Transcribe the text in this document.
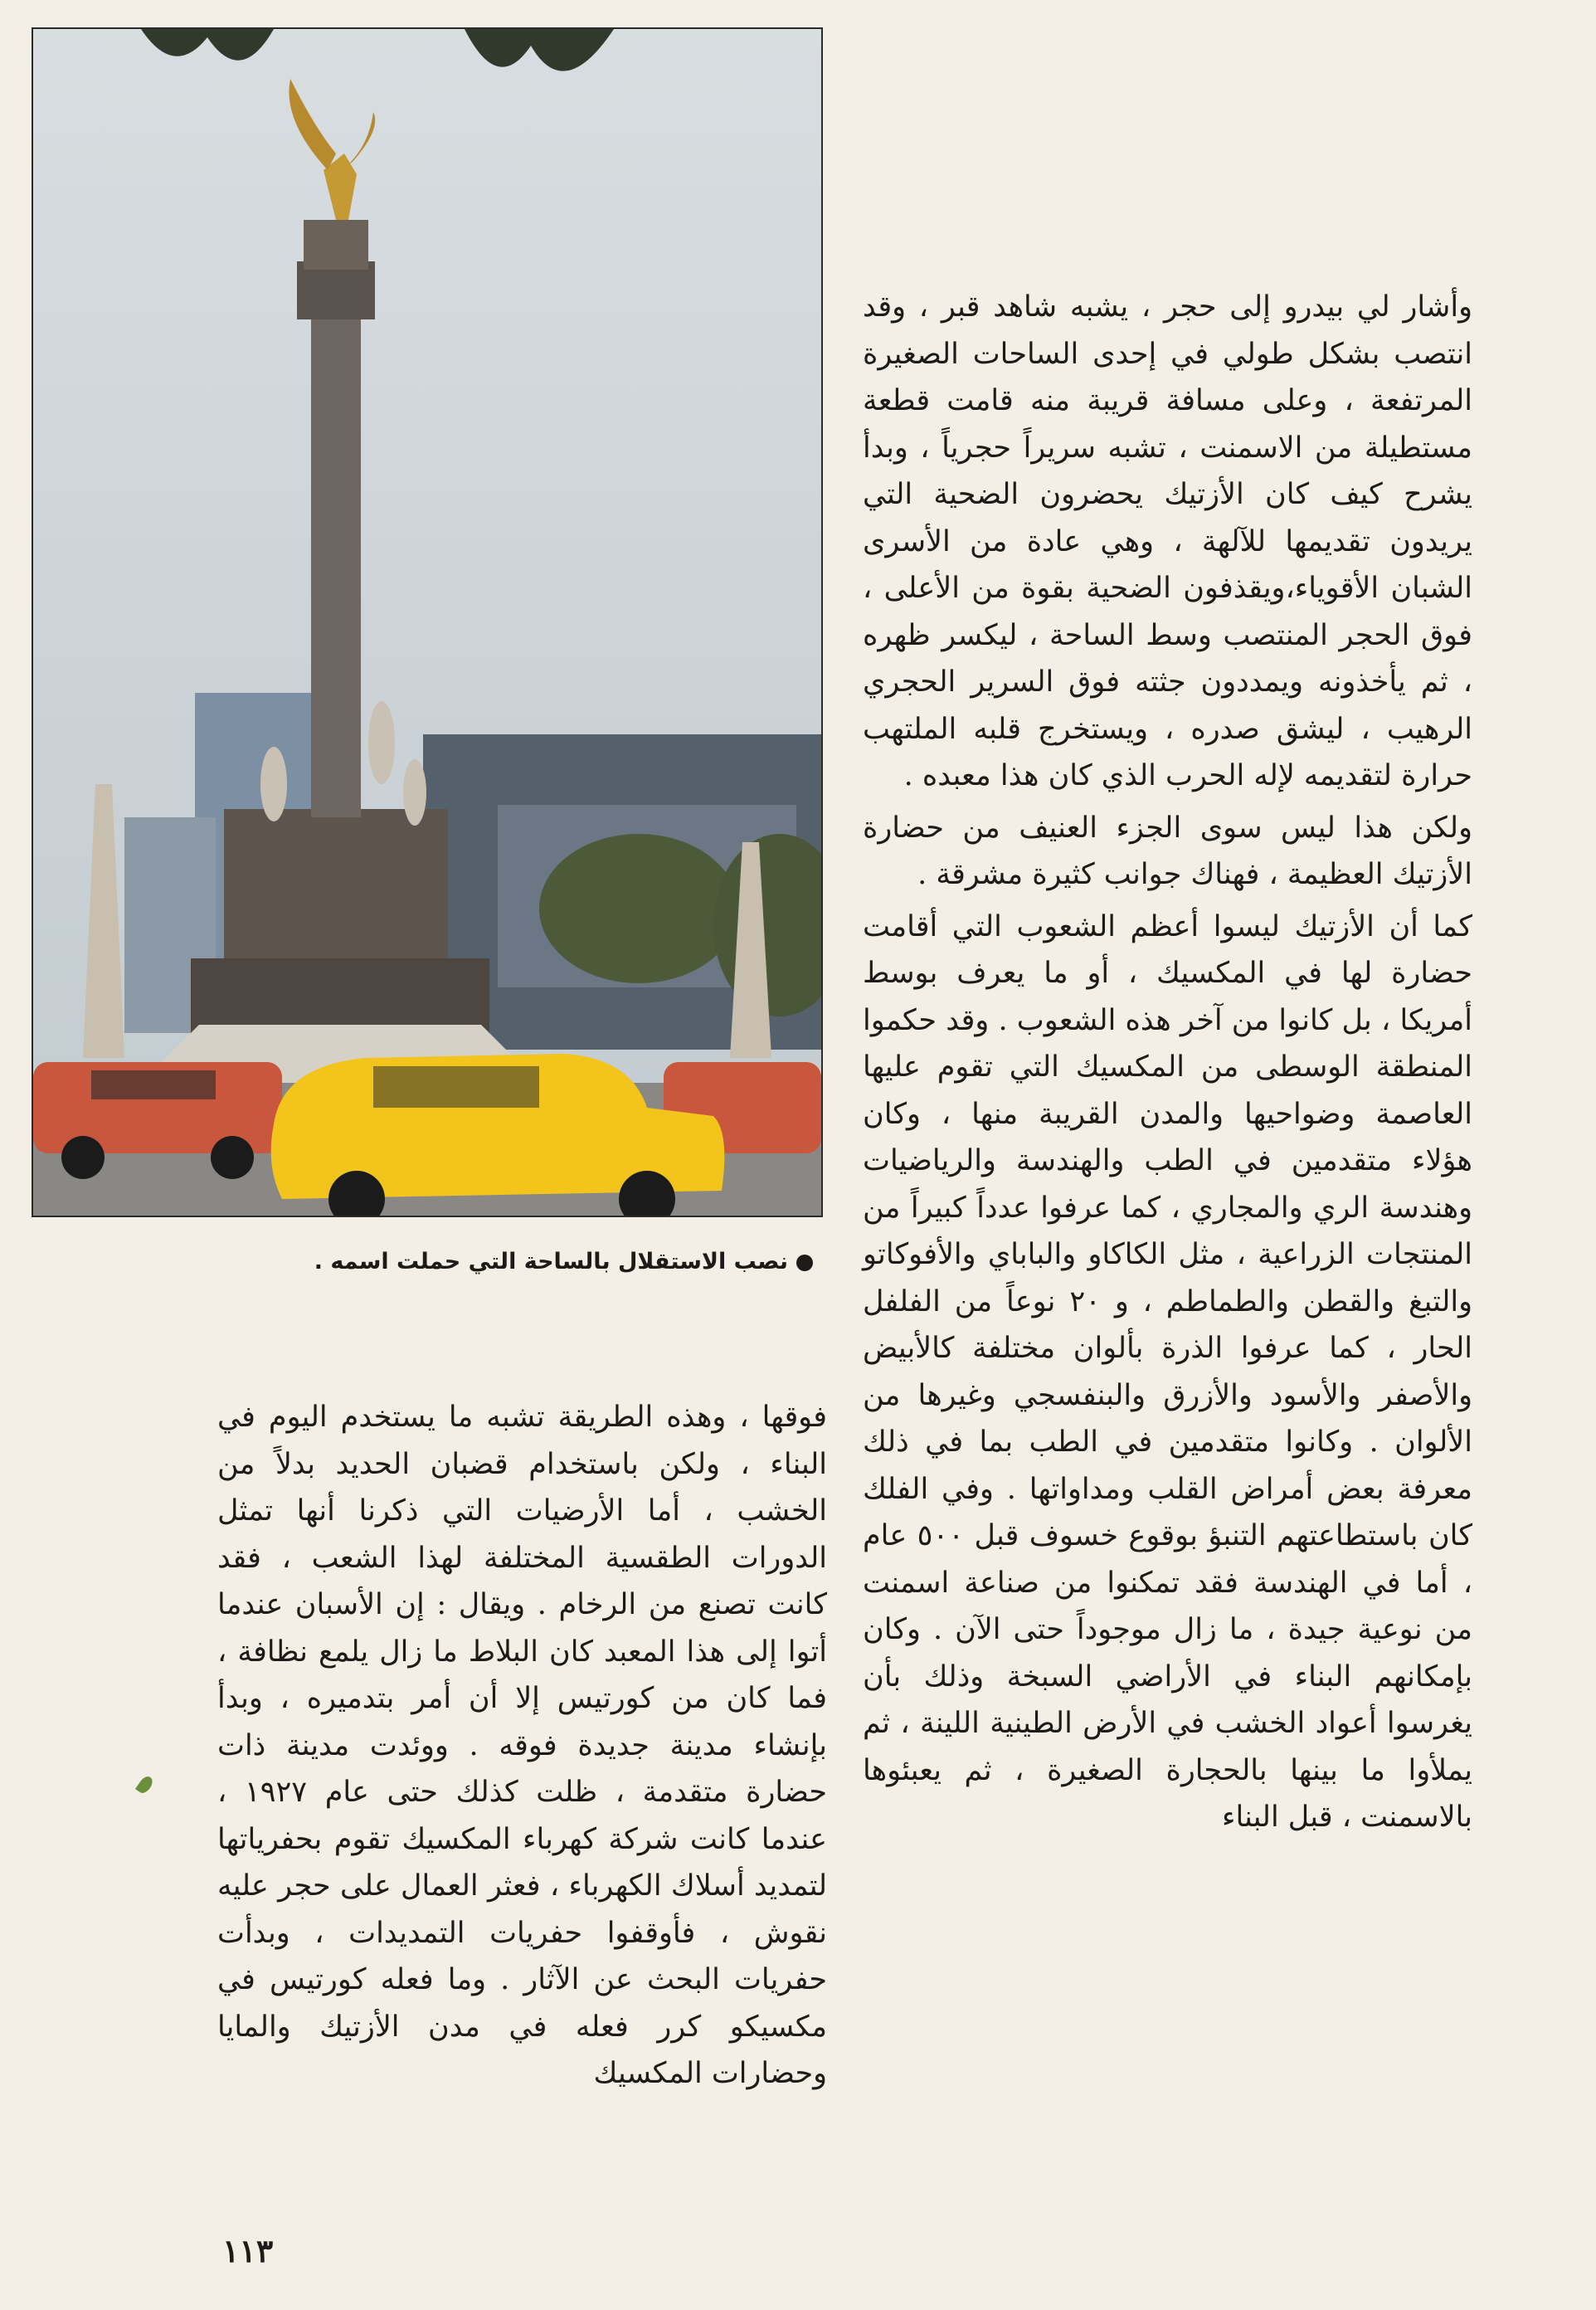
نصب الاستقلال بالساحة التي حملت اسمه .

وأشار لي بيدرو إلى حجر ، يشبه شاهد قبر ، وقد انتصب بشكل طولي في إحدى الساحات الصغيرة المرتفعة ، وعلى مسافة قريبة منه قامت قطعة مستطيلة من الاسمنت ، تشبه سريراً حجرياً ، وبدأ يشرح كيف كان الأزتيك يحضرون الضحية التي يريدون تقديمها للآلهة ، وهي عادة من الأسرى الشبان الأقوياء،ويقذفون الضحية بقوة من الأعلى ، فوق الحجر المنتصب وسط الساحة ، ليكسر ظهره ، ثم يأخذونه ويمددون جثته فوق السرير الحجري الرهيب ، ليشق صدره ، ويستخرج قلبه الملتهب حرارة لتقديمه لإله الحرب الذي كان هذا معبده .

ولكن هذا ليس سوى الجزء العنيف من حضارة الأزتيك العظيمة ، فهناك جوانب كثيرة مشرقة .

كما أن الأزتيك ليسوا أعظم الشعوب التي أقامت حضارة لها في المكسيك ، أو ما يعرف بوسط أمريكا ، بل كانوا من آخر هذه الشعوب . وقد حكموا المنطقة الوسطى من المكسيك التي تقوم عليها العاصمة وضواحيها والمدن القريبة منها ، وكان هؤلاء متقدمين في الطب والهندسة والرياضيات وهندسة الري والمجاري ، كما عرفوا عدداً كبيراً من المنتجات الزراعية ، مثل الكاكاو والباباي والأفوكاتو والتبغ والقطن والطماطم ، و ٢٠ نوعاً من الفلفل الحار ، كما عرفوا الذرة بألوان مختلفة كالأبيض والأصفر والأسود والأزرق والبنفسجي وغيرها من الألوان . وكانوا متقدمين في الطب بما في ذلك معرفة بعض أمراض القلب ومداواتها . وفي الفلك كان باستطاعتهم التنبؤ بوقوع خسوف قبل ٥٠٠ عام ، أما في الهندسة فقد تمكنوا من صناعة اسمنت من نوعية جيدة ، ما زال موجوداً حتى الآن . وكان بإمكانهم البناء في الأراضي السبخة وذلك بأن يغرسوا أعواد الخشب في الأرض الطينية اللينة ، ثم يملأوا ما بينها بالحجارة الصغيرة ، ثم يعبئوها بالاسمنت ، قبل البناء

فوقها ، وهذه الطريقة تشبه ما يستخدم اليوم في البناء ، ولكن باستخدام قضبان الحديد بدلاً من الخشب ، أما الأرضيات التي ذكرنا أنها تمثل الدورات الطقسية المختلفة لهذا الشعب ، فقد كانت تصنع من الرخام . ويقال : إن الأسبان عندما أتوا إلى هذا المعبد كان البلاط ما زال يلمع نظافة ، فما كان من كورتيس إلا أن أمر بتدميره ، وبدأ بإنشاء مدينة جديدة فوقه . ووئدت مدينة ذات حضارة متقدمة ، ظلت كذلك حتى عام ١٩٢٧ ، عندما كانت شركة كهرباء المكسيك تقوم بحفرياتها لتمديد أسلاك الكهرباء ، فعثر العمال على حجر عليه نقوش ، فأوقفوا حفريات التمديدات ، وبدأت حفريات البحث عن الآثار . وما فعله كورتيس في مكسيكو كرر فعله في مدن الأزتيك والمايا وحضارات المكسيك

١١٣
